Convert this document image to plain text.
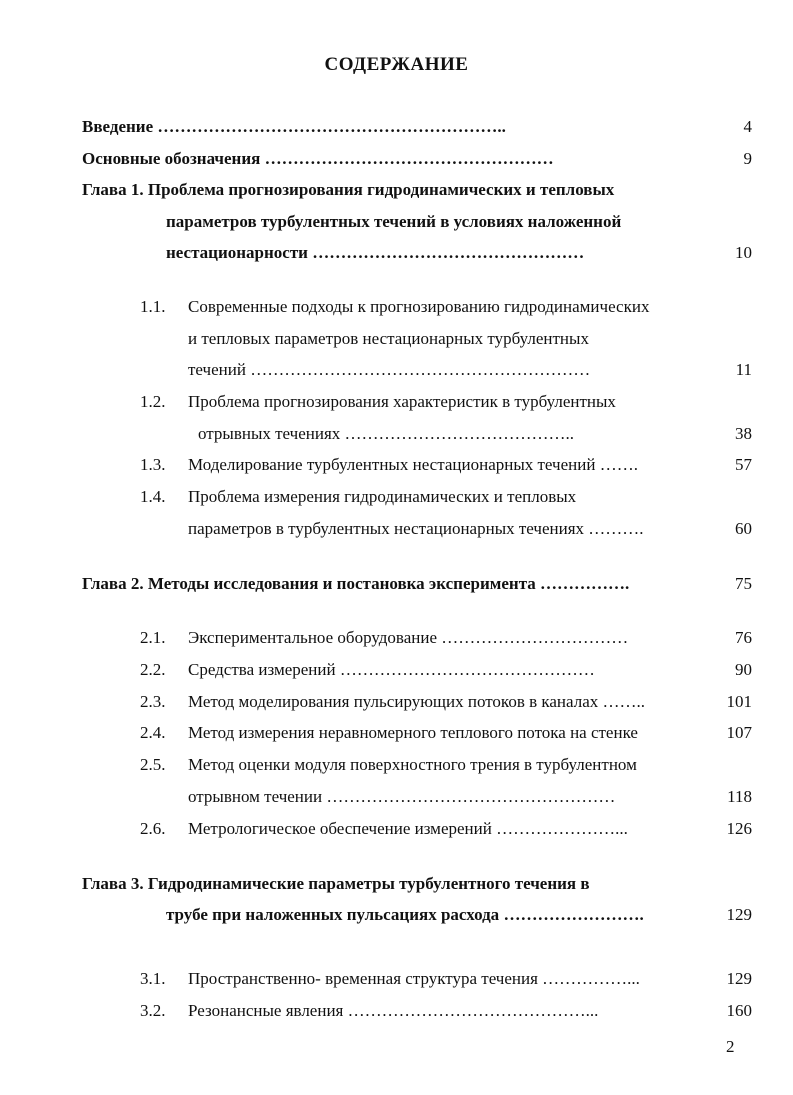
СОДЕРЖАНИЕ
Введение ……………………………………………………..	4
Основные обозначения ……………………………………………	9
Глава 1. Проблема прогнозирования гидродинамических и тепловых
параметров турбулентных течений в условиях наложенной
нестационарности …………………………………………	10
1.1. Современные подходы к прогнозированию гидродинамических
и тепловых параметров нестационарных турбулентных
течений ……………………………………………………	11
1.2. Проблема прогнозирования характеристик в турбулентных
отрывных течениях …………………………………..	38
1.3. Моделирование турбулентных нестационарных течений …….	57
1.4. Проблема измерения гидродинамических и тепловых
параметров в турбулентных нестационарных течениях ……….	60
Глава 2. Методы исследования и постановка эксперимента …………….	75
2.1. Экспериментальное оборудование ……………………………	76
2.2. Средства измерений ………………………………………	90
2.3. Метод моделирования пульсирующих потоков в каналах ……..	101
2.4. Метод измерения неравномерного теплового потока на стенке	107
2.5. Метод оценки модуля поверхностного трения в турбулентном
отрывном течении ……………………………………………	118
2.6. Метрологическое обеспечение измерений …………………...	126
Глава 3. Гидродинамические параметры турбулентного течения в
трубе при наложенных пульсациях расхода …………………….	129
3.1. Пространственно- временная структура течения ……………...	129
3.2. Резонансные явления ……………………………………...	160
2
